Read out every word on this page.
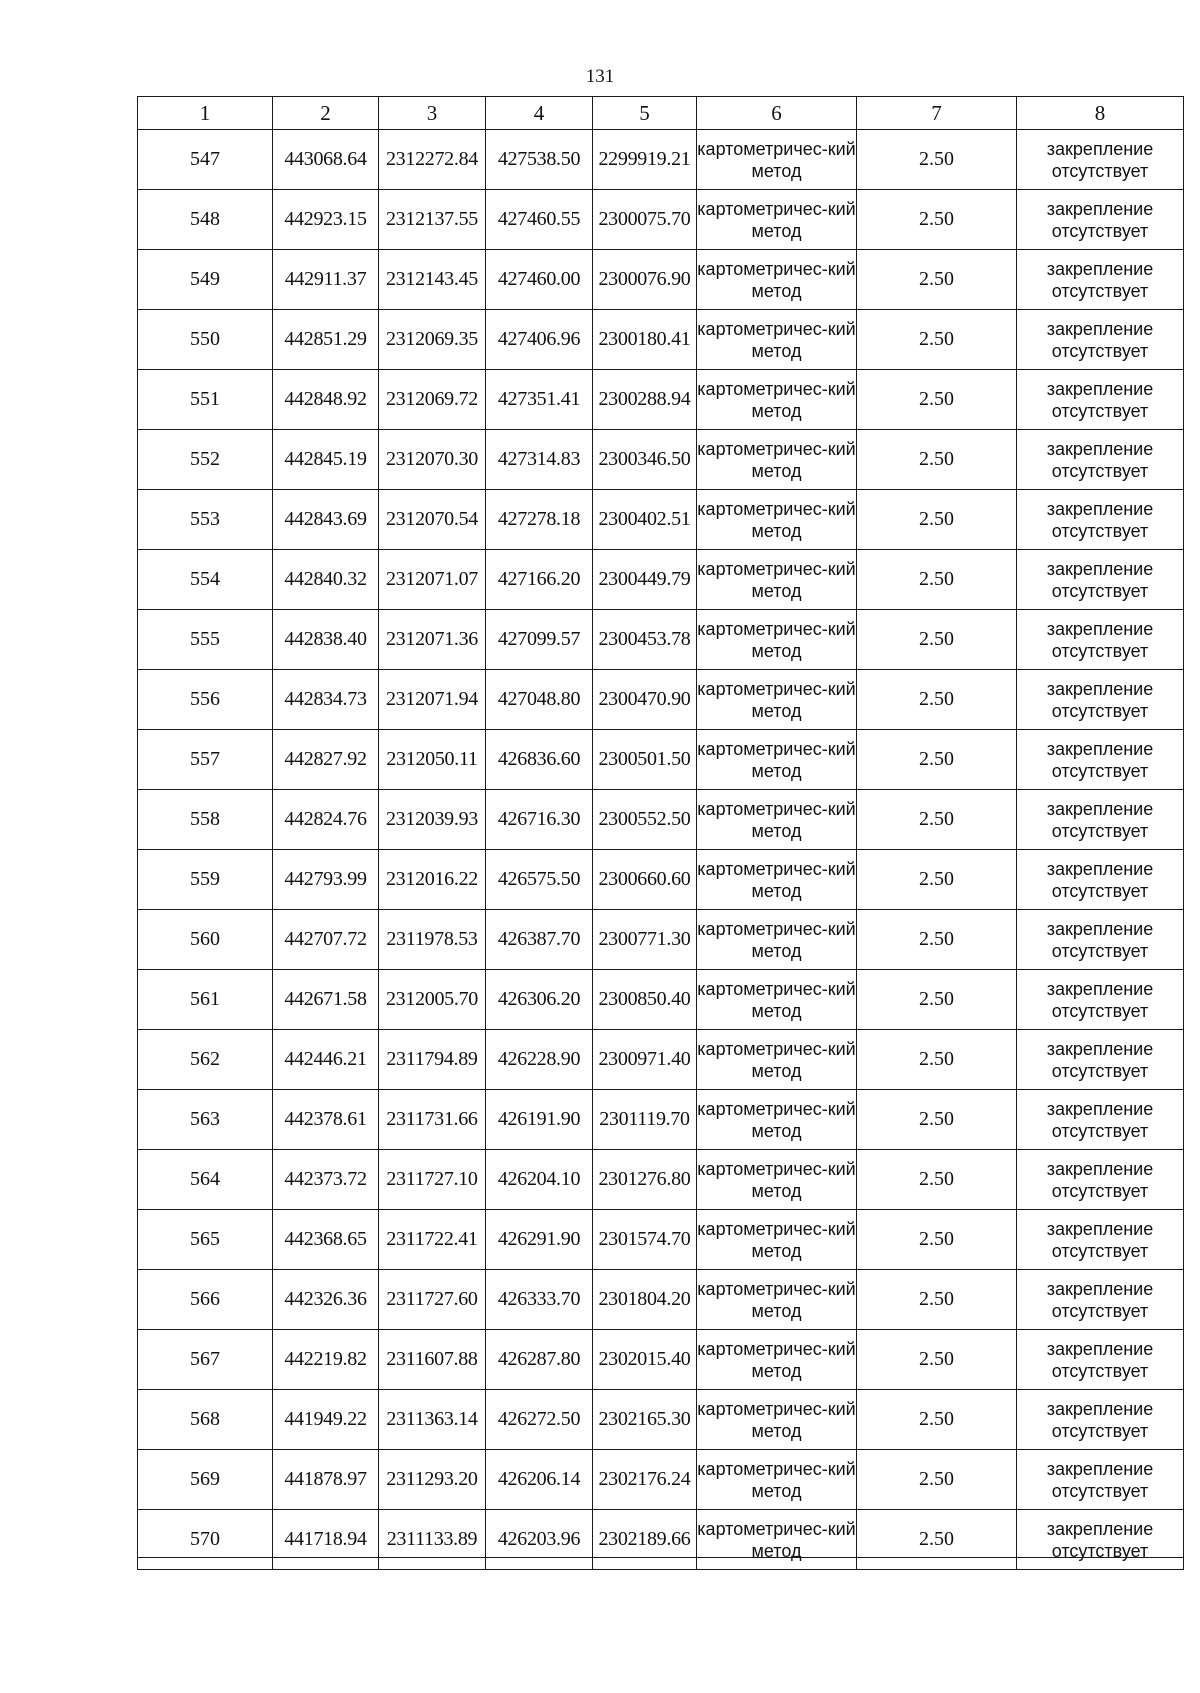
131
1	2	3	4	5	6	7	8
547	443068.64	2312272.84	427538.50	2299919.21	картометричес-кий метод	2.50	закрепление отсутствует
548	442923.15	2312137.55	427460.55	2300075.70	картометричес-кий метод	2.50	закрепление отсутствует
549	442911.37	2312143.45	427460.00	2300076.90	картометричес-кий метод	2.50	закрепление отсутствует
550	442851.29	2312069.35	427406.96	2300180.41	картометричес-кий метод	2.50	закрепление отсутствует
551	442848.92	2312069.72	427351.41	2300288.94	картометричес-кий метод	2.50	закрепление отсутствует
552	442845.19	2312070.30	427314.83	2300346.50	картометричес-кий метод	2.50	закрепление отсутствует
553	442843.69	2312070.54	427278.18	2300402.51	картометричес-кий метод	2.50	закрепление отсутствует
554	442840.32	2312071.07	427166.20	2300449.79	картометричес-кий метод	2.50	закрепление отсутствует
555	442838.40	2312071.36	427099.57	2300453.78	картометричес-кий метод	2.50	закрепление отсутствует
556	442834.73	2312071.94	427048.80	2300470.90	картометричес-кий метод	2.50	закрепление отсутствует
557	442827.92	2312050.11	426836.60	2300501.50	картометричес-кий метод	2.50	закрепление отсутствует
558	442824.76	2312039.93	426716.30	2300552.50	картометричес-кий метод	2.50	закрепление отсутствует
559	442793.99	2312016.22	426575.50	2300660.60	картометричес-кий метод	2.50	закрепление отсутствует
560	442707.72	2311978.53	426387.70	2300771.30	картометричес-кий метод	2.50	закрепление отсутствует
561	442671.58	2312005.70	426306.20	2300850.40	картометричес-кий метод	2.50	закрепление отсутствует
562	442446.21	2311794.89	426228.90	2300971.40	картометричес-кий метод	2.50	закрепление отсутствует
563	442378.61	2311731.66	426191.90	2301119.70	картометричес-кий метод	2.50	закрепление отсутствует
564	442373.72	2311727.10	426204.10	2301276.80	картометричес-кий метод	2.50	закрепление отсутствует
565	442368.65	2311722.41	426291.90	2301574.70	картометричес-кий метод	2.50	закрепление отсутствует
566	442326.36	2311727.60	426333.70	2301804.20	картометричес-кий метод	2.50	закрепление отсутствует
567	442219.82	2311607.88	426287.80	2302015.40	картометричес-кий метод	2.50	закрепление отсутствует
568	441949.22	2311363.14	426272.50	2302165.30	картометричес-кий метод	2.50	закрепление отсутствует
569	441878.97	2311293.20	426206.14	2302176.24	картометричес-кий метод	2.50	закрепление отсутствует
570	441718.94	2311133.89	426203.96	2302189.66	картометричес-кий метод	2.50	закрепление отсутствует
